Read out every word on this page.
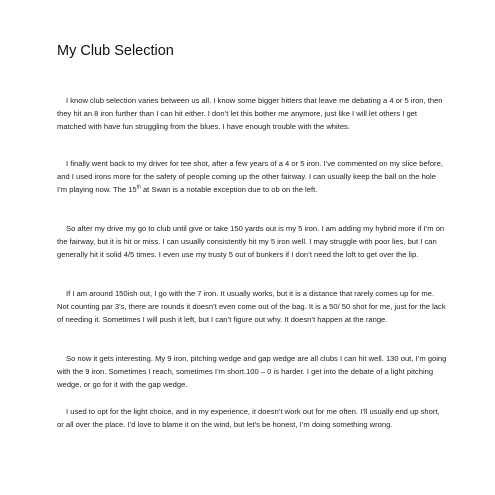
My Club Selection

I know club selection varies between us all. I know some bigger hitters that leave me debating a 4 or 5 iron, then they hit an 8 iron further than I can hit either. I don’t let this bother me anymore, just like I will let others I get matched with have fun struggling from the blues. I have enough trouble with the whites.

I finally went back to my driver for tee shot, after a few years of a 4 or 5 iron. I’ve commented on my slice before, and I used irons more for the safety of people coming up the other fairway. I can usually keep the ball on the hole I’m playing now. The 15th at Swan is a notable exception due to ob on the left.

So after my drive my go to club until give or take 150 yards out is my 5 iron. I am adding my hybrid more if I’m on the fairway, but it is hit or miss. I can usually consistently hit my 5 iron well. I may struggle with poor lies, but I can generally hit it solid 4/5 times. I even use my trusty 5 out of bunkers if I don’t need the loft to get over the lip.

If I am around 150ish out, I go with the 7 iron. It usually works, but it is a distance that rarely comes up for me. Not counting par 3’s, there are rounds it doesn’t even come out of the bag. It is a 50/ 50 shot for me, just for the lack of needing it. Sometimes I will push it left, but I can’t figure out why. It doesn’t happen at the range.

So now it gets interesting. My 9 iron, pitching wedge and gap wedge are all clubs I can hit well. 130 out, I’m going with the 9 iron. Sometimes I reach, sometimes I’m short.100 – 0 is harder. I get into the debate of a light pitching wedge, or go for it with the gap wedge.

I used to opt for the light choice, and in my experience, it doesn’t work out for me often. I’ll usually end up short, or all over the place. I’d love to blame it on the wind, but let’s be honest, I’m doing something wrong.
